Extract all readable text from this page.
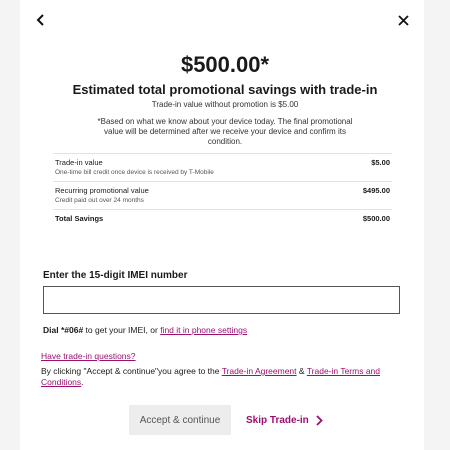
$500.00*
Estimated total promotional savings with trade-in
Trade-in value without promotion is $5.00
*Based on what we know about your device today. The final promotional value will be determined after we receive your device and confirm its condition.
Trade-in value
One-time bill credit once device is received by T-Mobile
$5.00
Recurring promotional value
Credit paid out over 24 months
$495.00
Total Savings	$500.00
Enter the 15-digit IMEI number
Dial *#06# to get your IMEI, or find it in phone settings
Have trade-in questions?
By clicking "Accept & continue"you agree to the Trade-in Agreement & Trade-in Terms and Conditions.
Accept & continue	Skip Trade-in
